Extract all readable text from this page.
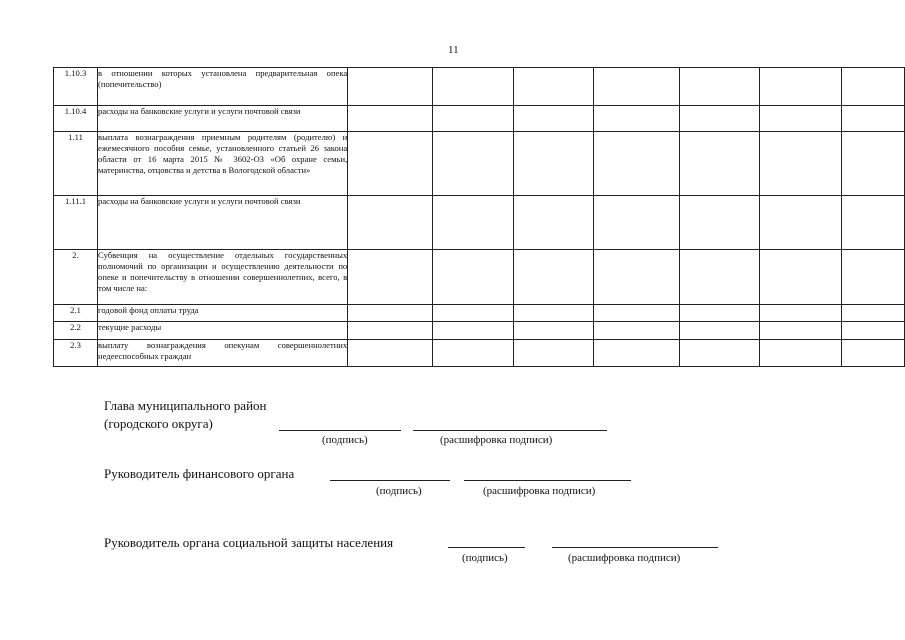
11
1.10.3	в отношении которых установлена предварительная опека (попечительство)							
1.10.4	расходы на банковские услуги и услуги почтовой связи							
1.11	выплата вознаграждения приемным родителям (родителю) и ежемесячного пособия семье, установленного статьей 26 закона области от 16 марта 2015 № 3602-ОЗ «Об охране семьи, материнства, отцовства и детства в Вологодской области»							
1.11.1	расходы на банковские услуги и услуги почтовой связи							
2.	Субвенция на осуществление отдельных государственных полномочий по организации и осуществлению деятельности по опеке и попечительству в отношении совершеннолетних, всего, в том числе на:							
2.1	годовой фонд оплаты труда							
2.2	текущие расходы							
2.3	выплату вознаграждения опекунам совершеннолетних недееспособных граждан							
Глава муниципального район
(городского округа)
(подпись)	(расшифровка подписи)
Руководитель финансового органа
(подпись)	(расшифровка подписи)
Руководитель органа социальной защиты населения
(подпись)	(расшифровка подписи)
